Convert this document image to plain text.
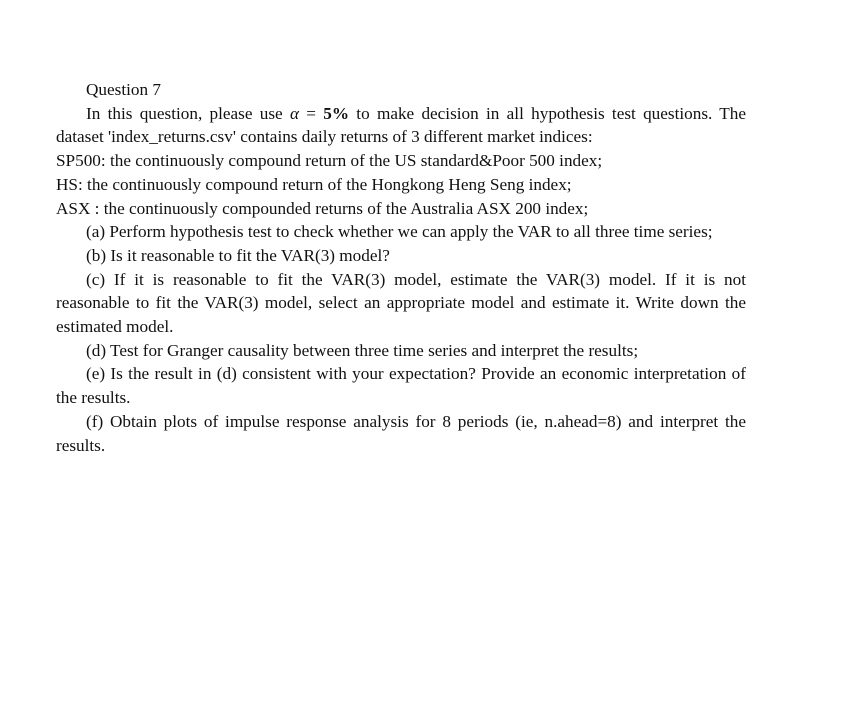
Question 7

In this question, please use α = 5% to make decision in all hypothesis test questions. The dataset 'index_returns.csv' contains daily returns of 3 different market indices:

SP500: the continuously compound return of the US standard&Poor 500 index;

HS: the continuously compound return of the Hongkong Heng Seng index;

ASX : the continuously compounded returns of the Australia ASX 200 index;

(a) Perform hypothesis test to check whether we can apply the VAR to all three time series;

(b) Is it reasonable to fit the VAR(3) model?

(c) If it is reasonable to fit the VAR(3) model, estimate the VAR(3) model. If it is not reasonable to fit the VAR(3) model, select an appropriate model and estimate it. Write down the estimated model.

(d) Test for Granger causality between three time series and interpret the results;

(e) Is the result in (d) consistent with your expectation? Provide an economic interpretation of the results.

(f) Obtain plots of impulse response analysis for 8 periods (ie, n.ahead=8) and interpret the results.
